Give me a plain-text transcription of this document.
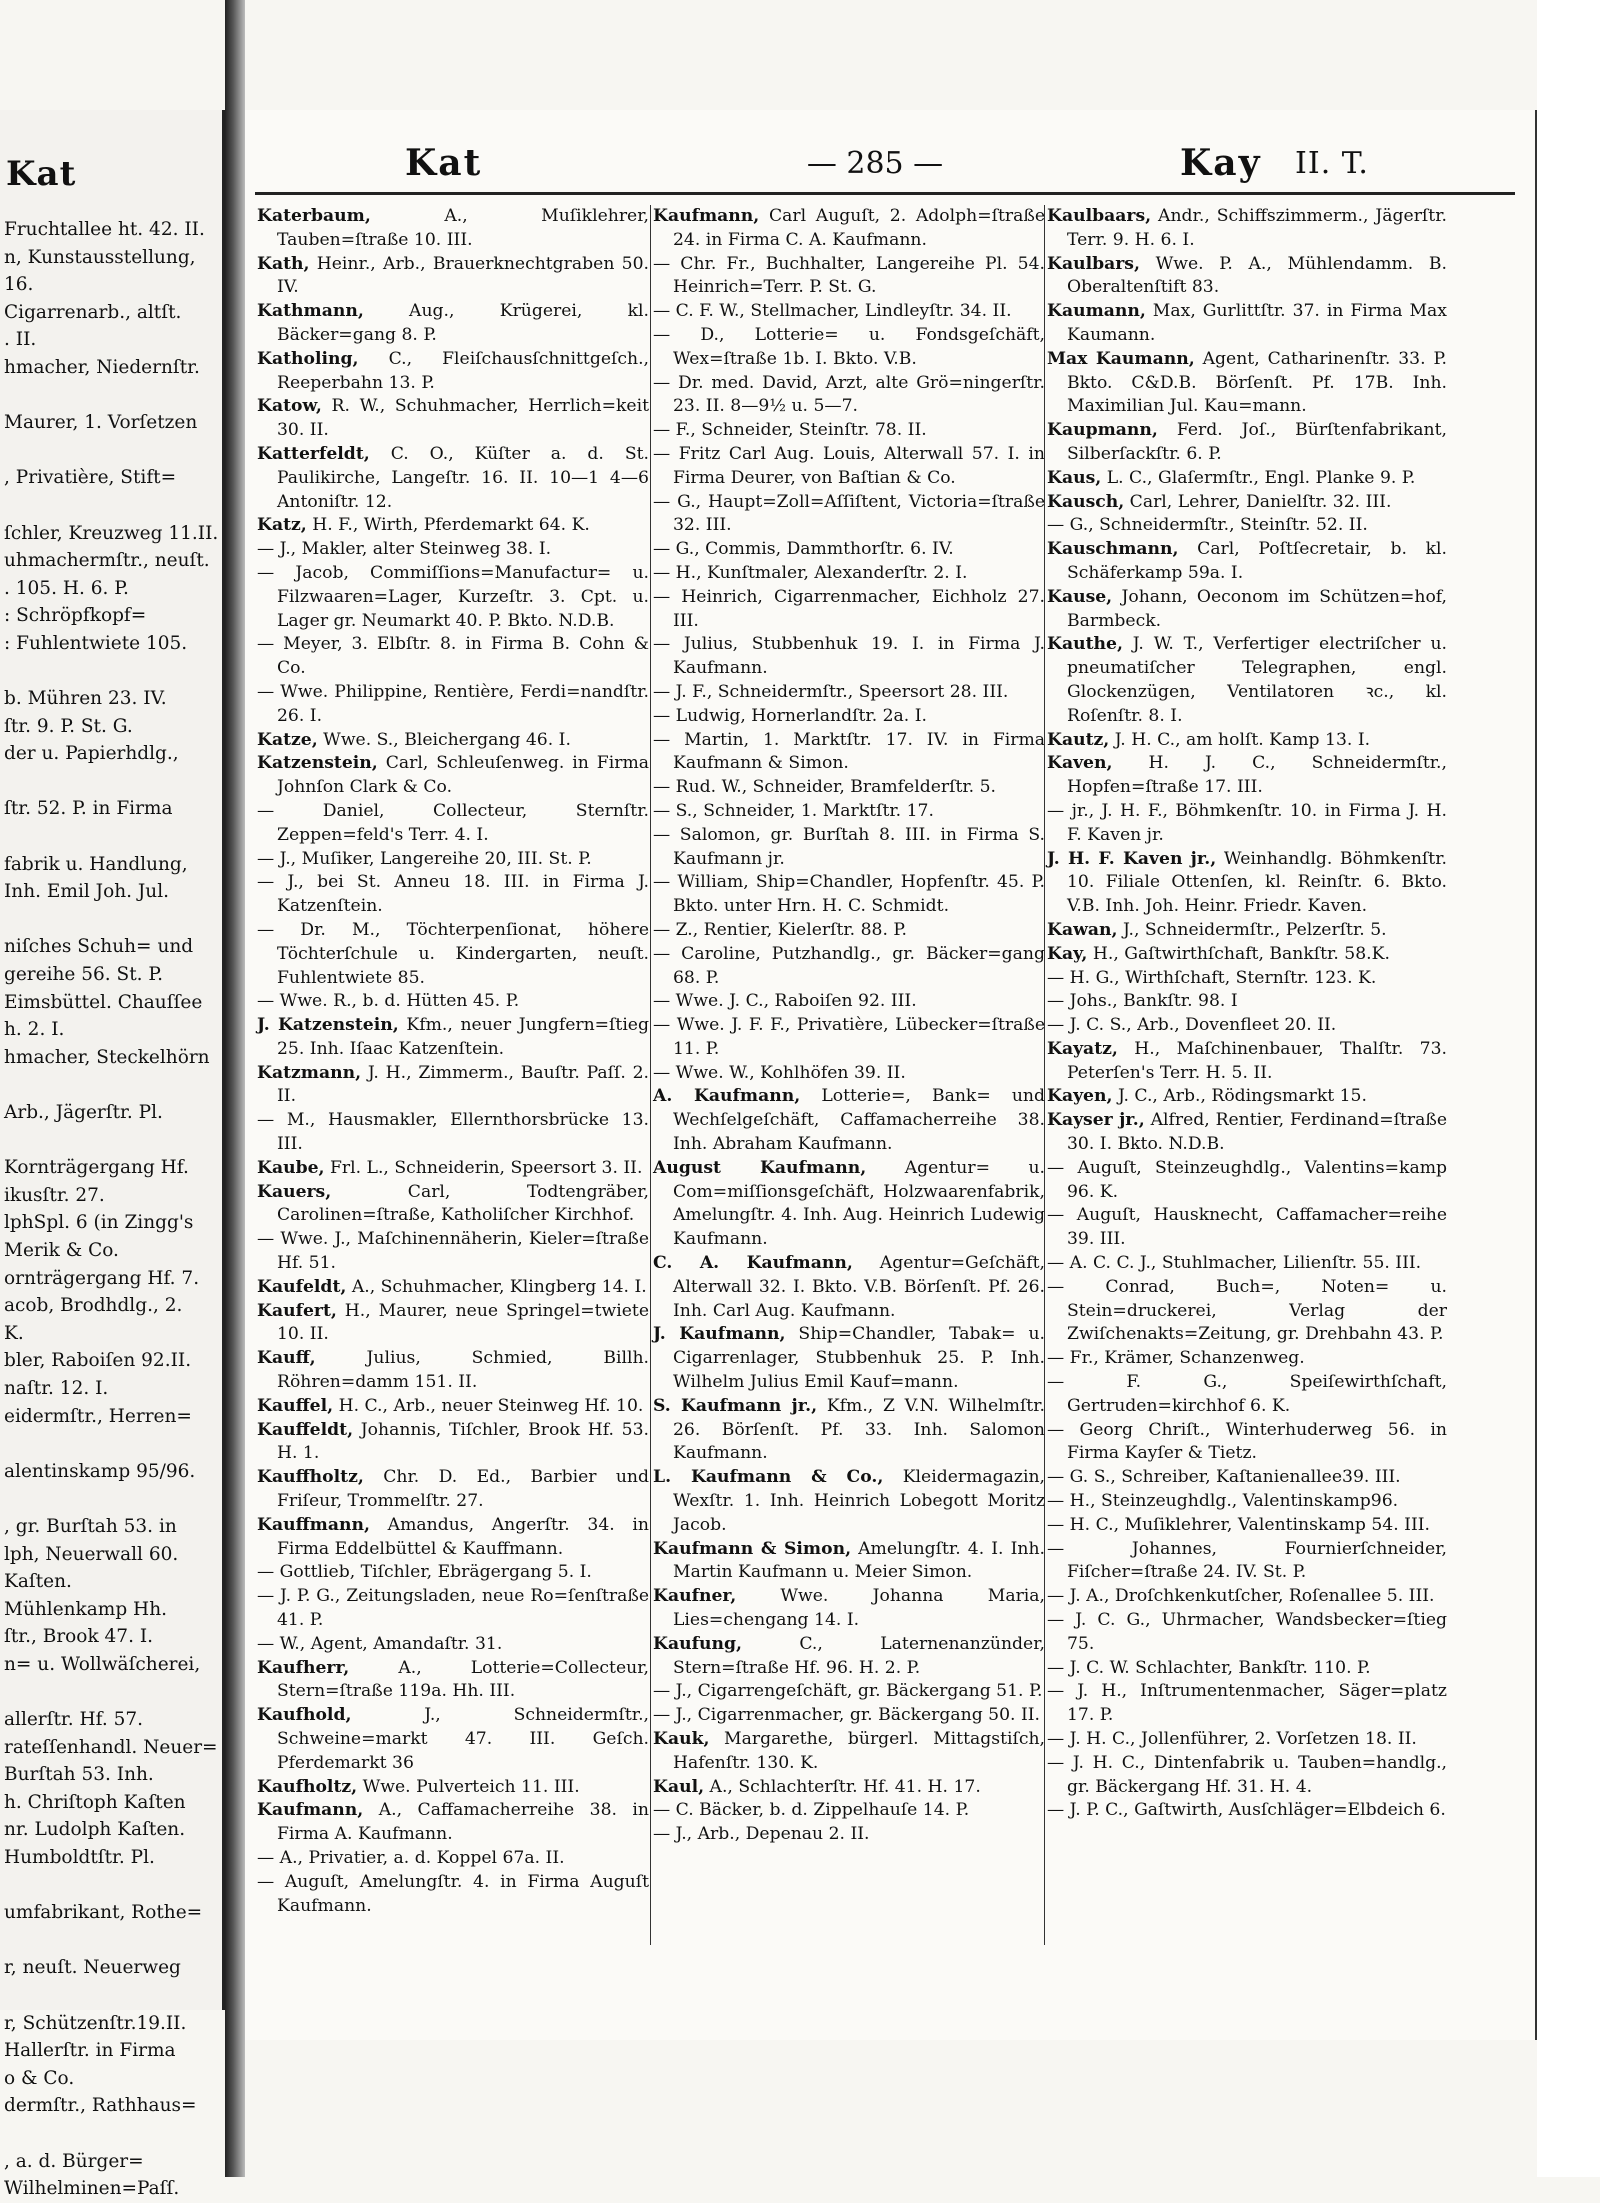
Kat
Fruchtallee ht. 42. II.
n, Kunstausstellung,
16.
Cigarrenarb., altſt.
. II.
hmacher, Niedernſtr.

Maurer, 1. Vorſetzen

, Privatière, Stift=

ſchler, Kreuzweg 11.II.
uhmachermſtr., neuſt.
. 105. H. 6. P.
: Schröpfkopf=
: Fuhlentwiete 105.

b. Mühren 23. IV.
ſtr. 9. P. St. G.
der u. Papierhdlg.,

ſtr. 52. P. in Firma

fabrik u. Handlung,
Inh. Emil Joh. Jul.

niſches Schuh= und
gereihe 56. St. P.
Eimsbüttel. Chauſſee
h. 2. I.
hmacher, Steckelhörn

Arb., Jägerſtr. Pl.

Kornträgergang Hf.
ikusſtr. 27.
lphSpl. 6 (in Zingg's
Merik & Co.
ornträgergang Hf. 7.
acob, Brodhdlg., 2.
K.
bler, Raboiſen 92.II.
naſtr. 12. I.
eidermſtr., Herren=

alentinskamp 95/96.

, gr. Burſtah 53. in
lph, Neuerwall 60.
Kaſten.
Mühlenkamp Hh.
ſtr., Brook 47. I.
n= u. Wollwäſcherei,

allerſtr. Hf. 57.
rateſſenhandl. Neuer=
Burſtah 53. Inh.
h. Chriſtoph Kaſten
nr. Ludolph Kaſten.
Humboldtſtr. Pl.

umfabrikant, Rothe=

r, neuſt. Neuerweg

r, Schützenſtr.19.II.
Hallerſtr. in Firma
o & Co.
dermſtr., Rathhaus=

, a. d. Bürger=
Wilhelminen=Paſſ.
Kat	— 285 —	Kay II. T.

Katerbaum, A., Muſiklehrer, Tauben=ſtraße 10. III.

Kath, Heinr., Arb., Brauerknechtgraben 50. IV.

Kathmann, Aug., Krügerei, kl. Bäcker=gang 8. P.

Katholing, C., Fleiſchausſchnittgeſch., Reeperbahn 13. P.

Katow, R. W., Schuhmacher, Herrlich=keit 30. II.

Katterfeldt, C. O., Küſter a. d. St. Paulikirche, Langeſtr. 16. II. 10—1 4—6 Antoniſtr. 12.

Katz, H. F., Wirth, Pferdemarkt 64. K.

— J., Makler, alter Steinweg 38. I.

— Jacob, Commiſſions=Manufactur= u. Filzwaaren=Lager, Kurzeſtr. 3. Cpt. u. Lager gr. Neumarkt 40. P. Bkto. N.D.B.

— Meyer, 3. Elbſtr. 8. in Firma B. Cohn & Co.

— Wwe. Philippine, Rentière, Ferdi=nandſtr. 26. I.

Katze, Wwe. S., Bleichergang 46. I.

Katzenstein, Carl, Schleuſenweg. in Firma Johnſon Clark & Co.

— Daniel, Collecteur, Sternſtr. Zeppen=feld's Terr. 4. I.

— J., Muſiker, Langereihe 20, III. St. P.

— J., bei St. Anneu 18. III. in Firma J. Katzenſtein.

— Dr. M., Töchterpenſionat, höhere Töchterſchule u. Kindergarten, neuſt. Fuhlentwiete 85.

— Wwe. R., b. d. Hütten 45. P.

J. Katzenstein, Kfm., neuer Jungfern=ſtieg 25. Inh. Iſaac Katzenſtein.

Katzmann, J. H., Zimmerm., Bauſtr. Paſſ. 2. II.

— M., Hausmakler, Ellernthorsbrücke 13. III.

Kaube, Frl. L., Schneiderin, Speersort 3. II.

Kauers, Carl, Todtengräber, Carolinen=ſtraße, Katholiſcher Kirchhof.

— Wwe. J., Maſchinennäherin, Kieler=ſtraße Hf. 51.

Kaufeldt, A., Schuhmacher, Klingberg 14. I.

Kaufert, H., Maurer, neue Springel=twiete 10. II.

Kauff, Julius, Schmied, Billh. Röhren=damm 151. II.

Kauffel, H. C., Arb., neuer Steinweg Hf. 10.

Kauffeldt, Johannis, Tiſchler, Brook Hf. 53. H. 1.

Kauffholtz, Chr. D. Ed., Barbier und Friſeur, Trommelſtr. 27.

Kauffmann, Amandus, Angerſtr. 34. in Firma Eddelbüttel & Kauffmann.

— Gottlieb, Tiſchler, Ebrägergang 5. I.

— J. P. G., Zeitungsladen, neue Ro=ſenſtraße 41. P.

— W., Agent, Amandaſtr. 31.

Kaufherr, A., Lotterie=Collecteur, Stern=ſtraße 119a. Hh. III.

Kaufhold, J., Schneidermſtr., Schweine=markt 47. III. Geſch. Pferdemarkt 36

Kaufholtz, Wwe. Pulverteich 11. III.

Kaufmann, A., Caffamacherreihe 38. in Firma A. Kaufmann.

— A., Privatier, a. d. Koppel 67a. II.

— Auguſt, Amelungſtr. 4. in Firma Auguſt Kaufmann.

Kaufmann, Carl Auguſt, 2. Adolph=ſtraße 24. in Firma C. A. Kaufmann.

— Chr. Fr., Buchhalter, Langereihe Pl. 54. Heinrich=Terr. P. St. G.

— C. F. W., Stellmacher, Lindleyſtr. 34. II.

— D., Lotterie= u. Fondsgeſchäft, Wex=ſtraße 1b. I. Bkto. V.B.

— Dr. med. David, Arzt, alte Grö=ningerſtr. 23. II. 8—9½ u. 5—7.

— F., Schneider, Steinſtr. 78. II.

— Fritz Carl Aug. Louis, Alterwall 57. I. in Firma Deurer, von Baſtian & Co.

— G., Haupt=Zoll=Aſſiſtent, Victoria=ſtraße 32. III.

— G., Commis, Dammthorſtr. 6. IV.

— H., Kunſtmaler, Alexanderſtr. 2. I.

— Heinrich, Cigarrenmacher, Eichholz 27. III.

— Julius, Stubbenhuk 19. I. in Firma J. Kaufmann.

— J. F., Schneidermſtr., Speersort 28. III.

— Ludwig, Hornerlandſtr. 2a. I.

— Martin, 1. Marktſtr. 17. IV. in Firma Kaufmann & Simon.

— Rud. W., Schneider, Bramfelderſtr. 5.

— S., Schneider, 1. Marktſtr. 17.

— Salomon, gr. Burſtah 8. III. in Firma S. Kaufmann jr.

— William, Ship=Chandler, Hopfenſtr. 45. P. Bkto. unter Hrn. H. C. Schmidt.

— Z., Rentier, Kielerſtr. 88. P.

— Caroline, Putzhandlg., gr. Bäcker=gang 68. P.

— Wwe. J. C., Raboiſen 92. III.

— Wwe. J. F. F., Privatière, Lübecker=ſtraße 11. P.

— Wwe. W., Kohlhöfen 39. II.

A. Kaufmann, Lotterie=, Bank= und Wechſelgeſchäft, Caffamacherreihe 38. Inh. Abraham Kaufmann.

August Kaufmann, Agentur= u. Com=miſſionsgeſchäft, Holzwaarenfabrik, Amelungſtr. 4. Inh. Aug. Heinrich Ludewig Kaufmann.

C. A. Kaufmann, Agentur=Geſchäft, Alterwall 32. I. Bkto. V.B. Börſenſt. Pf. 26. Inh. Carl Aug. Kaufmann.

J. Kaufmann, Ship=Chandler, Tabak= u. Cigarrenlager, Stubbenhuk 25. P. Inh. Wilhelm Julius Emil Kauf=mann.

S. Kaufmann jr., Kfm., Z V.N. Wilhelmſtr. 26. Börſenſt. Pf. 33. Inh. Salomon Kaufmann.

L. Kaufmann & Co., Kleidermagazin, Wexſtr. 1. Inh. Heinrich Lobegott Moritz Jacob.

Kaufmann & Simon, Amelungſtr. 4. I. Inh. Martin Kaufmann u. Meier Simon.

Kaufner, Wwe. Johanna Maria, Lies=chengang 14. I.

Kaufung, C., Laternenanzünder, Stern=ſtraße Hf. 96. H. 2. P.

— J., Cigarrengeſchäft, gr. Bäckergang 51. P.

— J., Cigarrenmacher, gr. Bäckergang 50. II.

Kauk, Margarethe, bürgerl. Mittagstiſch, Hafenſtr. 130. K.

Kaul, A., Schlachterſtr. Hf. 41. H. 17.

— C. Bäcker, b. d. Zippelhauſe 14. P.

— J., Arb., Depenau 2. II.

Kaulbaars, Andr., Schiffszimmerm., Jägerſtr. Terr. 9. H. 6. I.

Kaulbars, Wwe. P. A., Mühlendamm. B. Oberaltenſtift 83.

Kaumann, Max, Gurlittſtr. 37. in Firma Max Kaumann.

Max Kaumann, Agent, Catharinenſtr. 33. P. Bkto. C&D.B. Börſenſt. Pf. 17B. Inh. Maximilian Jul. Kau=mann.

Kaupmann, Ferd. Joſ., Bürſtenfabrikant, Silberſackſtr. 6. P.

Kaus, L. C., Glaſermſtr., Engl. Planke 9. P.

Kausch, Carl, Lehrer, Danielſtr. 32. III.

— G., Schneidermſtr., Steinſtr. 52. II.

Kauschmann, Carl, Poſtſecretair, b. kl. Schäferkamp 59a. I.

Kause, Johann, Oeconom im Schützen=hof, Barmbeck.

Kauthe, J. W. T., Verfertiger electriſcher u. pneumatiſcher Telegraphen, engl. Glockenzügen, Ventilatoren ꝛc., kl. Roſenſtr. 8. I.

Kautz, J. H. C., am holſt. Kamp 13. I.

Kaven, H. J. C., Schneidermſtr., Hopfen=ſtraße 17. III.

— jr., J. H. F., Böhmkenſtr. 10. in Firma J. H. F. Kaven jr.

J. H. F. Kaven jr., Weinhandlg. Böhmkenſtr. 10. Filiale Ottenſen, kl. Reinſtr. 6. Bkto. V.B. Inh. Joh. Heinr. Friedr. Kaven.

Kawan, J., Schneidermſtr., Pelzerſtr. 5.

Kay, H., Gaſtwirthſchaft, Bankſtr. 58.K.

— H. G., Wirthſchaft, Sternſtr. 123. K.

— Johs., Bankſtr. 98. I

— J. C. S., Arb., Dovenfleet 20. II.

Kayatz, H., Maſchinenbauer, Thalſtr. 73. Peterſen's Terr. H. 5. II.

Kayen, J. C., Arb., Rödingsmarkt 15.

Kayser jr., Alfred, Rentier, Ferdinand=ſtraße 30. I. Bkto. N.D.B.

— Auguſt, Steinzeughdlg., Valentins=kamp 96. K.

— Auguſt, Hausknecht, Caffamacher=reihe 39. III.

— A. C. C. J., Stuhlmacher, Lilienſtr. 55. III.

— Conrad, Buch=, Noten= u. Stein=druckerei, Verlag der Zwiſchenakts=Zeitung, gr. Drehbahn 43. P.

— Fr., Krämer, Schanzenweg.

— F. G., Speiſewirthſchaft, Gertruden=kirchhof 6. K.

— Georg Chriſt., Winterhuderweg 56. in Firma Kayſer & Tietz.

— G. S., Schreiber, Kaſtanienallee39. III.

— H., Steinzeughdlg., Valentinskamp96.

— H. C., Muſiklehrer, Valentinskamp 54. III.

— Johannes, Fournierſchneider, Fiſcher=ſtraße 24. IV. St. P.

— J. A., Droſchkenkutſcher, Roſenallee 5. III.

— J. C. G., Uhrmacher, Wandsbecker=ſtieg 75.

— J. C. W. Schlachter, Bankſtr. 110. P.

— J. H., Inſtrumentenmacher, Säger=platz 17. P.

— J. H. C., Jollenführer, 2. Vorſetzen 18. II.

— J. H. C., Dintenfabrik u. Tauben=handlg., gr. Bäckergang Hf. 31. H. 4.

— J. P. C., Gaſtwirth, Ausſchläger=Elbdeich 6.
